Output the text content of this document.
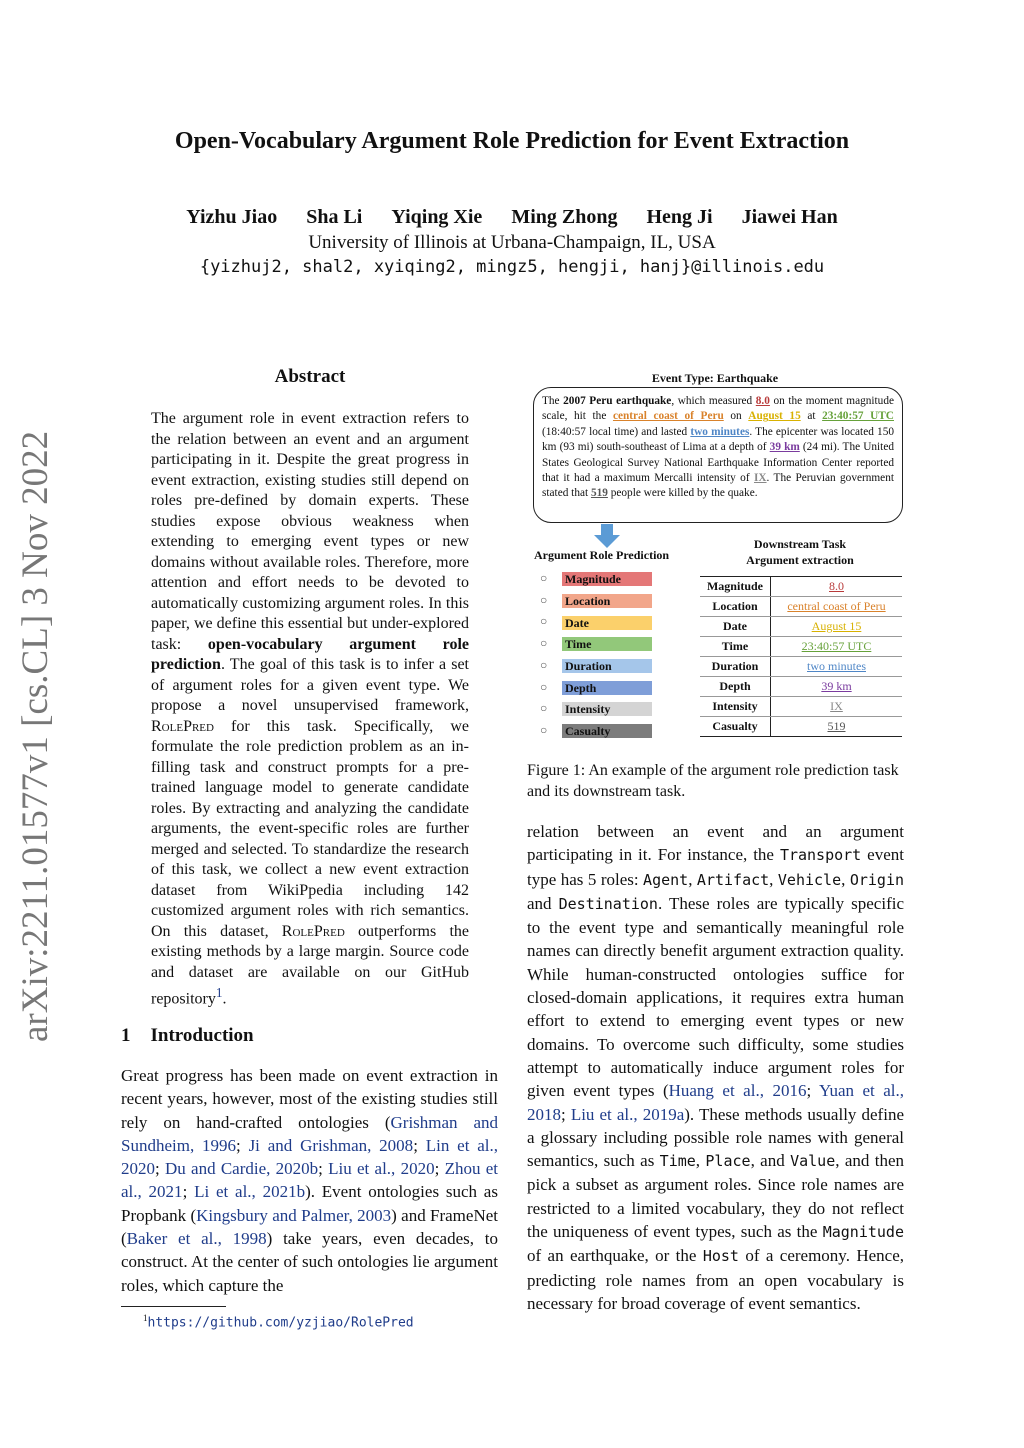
Open-Vocabulary Argument Role Prediction for Event Extraction
Yizhu Jiao Sha Li Yiqing Xie Ming Zhong Heng Ji Jiawei Han
University of Illinois at Urbana-Champaign, IL, USA
{yizhuj2, shal2, xyiqing2, mingz5, hengji, hanj}@illinois.edu
arXiv:2211.01577v1 [cs.CL] 3 Nov 2022
Abstract
The argument role in event extraction refers to the relation between an event and an argument participating in it. Despite the great progress in event extraction, existing studies still depend on roles pre-defined by domain experts. These studies expose obvious weakness when extending to emerging event types or new domains without available roles. Therefore, more attention and effort needs to be devoted to automatically customizing argument roles. In this paper, we define this essential but under-explored task: open-vocabulary argument role prediction. The goal of this task is to infer a set of argument roles for a given event type. We propose a novel unsupervised framework, RolePred for this task. Specifically, we formulate the role prediction problem as an in-filling task and construct prompts for a pre-trained language model to generate candidate roles. By extracting and analyzing the candidate arguments, the event-specific roles are further merged and selected. To standardize the research of this task, we collect a new event extraction dataset from WikiPpedia including 142 customized argument roles with rich semantics. On this dataset, RolePred outperforms the existing methods by a large margin. Source code and dataset are available on our GitHub repository$^1$.
1 Introduction
Great progress has been made on event extraction in recent years, however, most of the existing studies still rely on hand-crafted ontologies (Grishman and Sundheim, 1996; Ji and Grishman, 2008; Lin et al., 2020; Du and Cardie, 2020b; Liu et al., 2020; Zhou et al., 2021; Li et al., 2021b). Event ontologies such as Propbank (Kingsbury and Palmer, 2003) and FrameNet (Baker et al., 1998) take years, even decades, to construct. At the center of such ontologies lie argument roles, which capture the
$^1$https://github.com/yzjiao/RolePred
Event Type: Earthquake
The 2007 Peru earthquake, which measured 8.0 on the moment magnitude scale, hit the central coast of Peru on August 15 at 23:40:57 UTC (18:40:57 local time) and lasted two minutes. The epicenter was located 150 km (93 mi) south-southeast of Lima at a depth of 39 km (24 mi). The United States Geological Survey National Earthquake Information Center reported that it had a maximum Mercalli intensity of IX. The Peruvian government stated that 519 people were killed by the quake.
Argument Role Prediction
○ Magnitude
○ Location
○ Date
○ Time
○ Duration
○ Depth
○ Intensity
○ Casualty
Downstream Task
Argument extraction
Magnitude	8.0
Location	central coast of Peru
Date	August 15
Time	23:40:57 UTC
Duration	two minutes
Depth	39 km
Intensity	IX
Casualty	519
Figure 1: An example of the argument role prediction task and its downstream task.
relation between an event and an argument participating in it. For instance, the Transport event type has 5 roles: Agent, Artifact, Vehicle, Origin and Destination. These roles are typically specific to the event type and semantically meaningful role names can directly benefit argument extraction quality. While human-constructed ontologies suffice for closed-domain applications, it requires extra human effort to extend to emerging event types or new domains. To overcome such difficulty, some studies attempt to automatically induce argument roles for given event types (Huang et al., 2016; Yuan et al., 2018; Liu et al., 2019a). These methods usually define a glossary including possible role names with general semantics, such as Time, Place, and Value, and then pick a subset as argument roles. Since role names are restricted to a limited vocabulary, they do not reflect the uniqueness of event types, such as the Magnitude of an earthquake, or the Host of a ceremony. Hence, predicting role names from an open vocabulary is necessary for broad coverage of event semantics.
